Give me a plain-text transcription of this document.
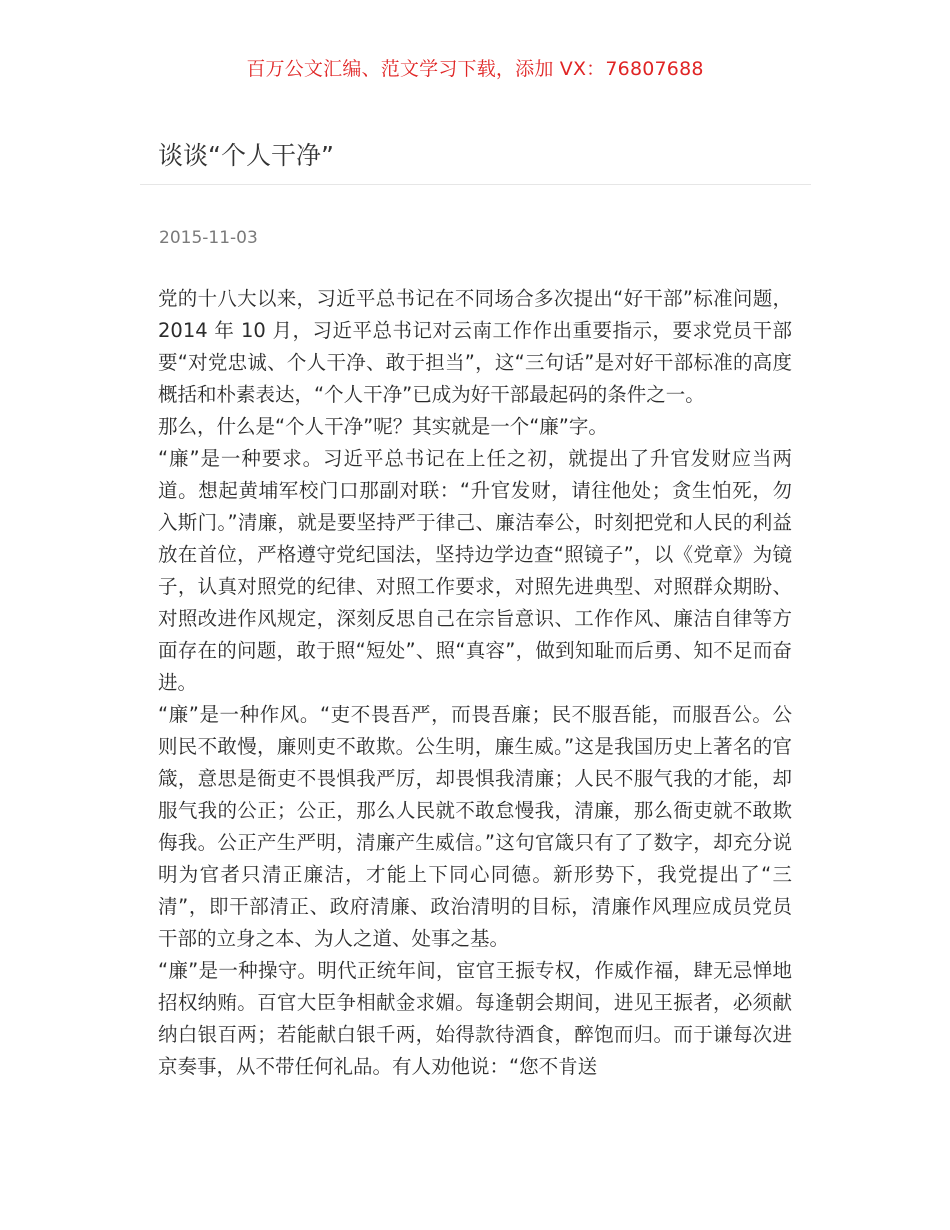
百万公文汇编、范文学习下载，添加 VX：76807688
谈谈“个人干净”
2015-11-03

党的十八大以来，习近平总书记在不同场合多次提出“好干部”标准问题，2014 年 10 月，习近平总书记对云南工作作出重要指示，要求党员干部要“对党忠诚、个人干净、敢于担当”，这“三句话”是对好干部标准的高度概括和朴素表达，“个人干净”已成为好干部最起码的条件之一。

那么，什么是“个人干净”呢？其实就是一个“廉”字。

“廉”是一种要求。习近平总书记在上任之初，就提出了升官发财应当两道。想起黄埔军校门口那副对联：“升官发财，请往他处；贪生怕死，勿入斯门。”清廉，就是要坚持严于律己、廉洁奉公，时刻把党和人民的利益放在首位，严格遵守党纪国法，坚持边学边查“照镜子”，以《党章》为镜子，认真对照党的纪律、对照工作要求，对照先进典型、对照群众期盼、对照改进作风规定，深刻反思自己在宗旨意识、工作作风、廉洁自律等方面存在的问题，敢于照“短处”、照“真容”，做到知耻而后勇、知不足而奋进。

“廉”是一种作风。“吏不畏吾严，而畏吾廉；民不服吾能，而服吾公。公则民不敢慢，廉则吏不敢欺。公生明，廉生威。”这是我国历史上著名的官箴，意思是衙吏不畏惧我严厉，却畏惧我清廉；人民不服气我的才能，却服气我的公正；公正，那么人民就不敢怠慢我，清廉，那么衙吏就不敢欺侮我。公正产生严明，清廉产生威信。”这句官箴只有了了数字，却充分说明为官者只清正廉洁，才能上下同心同德。新形势下，我党提出了“三清”，即干部清正、政府清廉、政治清明的目标，清廉作风理应成员党员干部的立身之本、为人之道、处事之基。

“廉”是一种操守。明代正统年间，宦官王振专权，作威作福，肆无忌惮地招权纳贿。百官大臣争相献金求媚。每逢朝会期间，进见王振者，必须献纳白银百两；若能献白银千两，始得款待酒食，醉饱而归。而于谦每次进京奏事，从不带任何礼品。有人劝他说：“您不肯送
